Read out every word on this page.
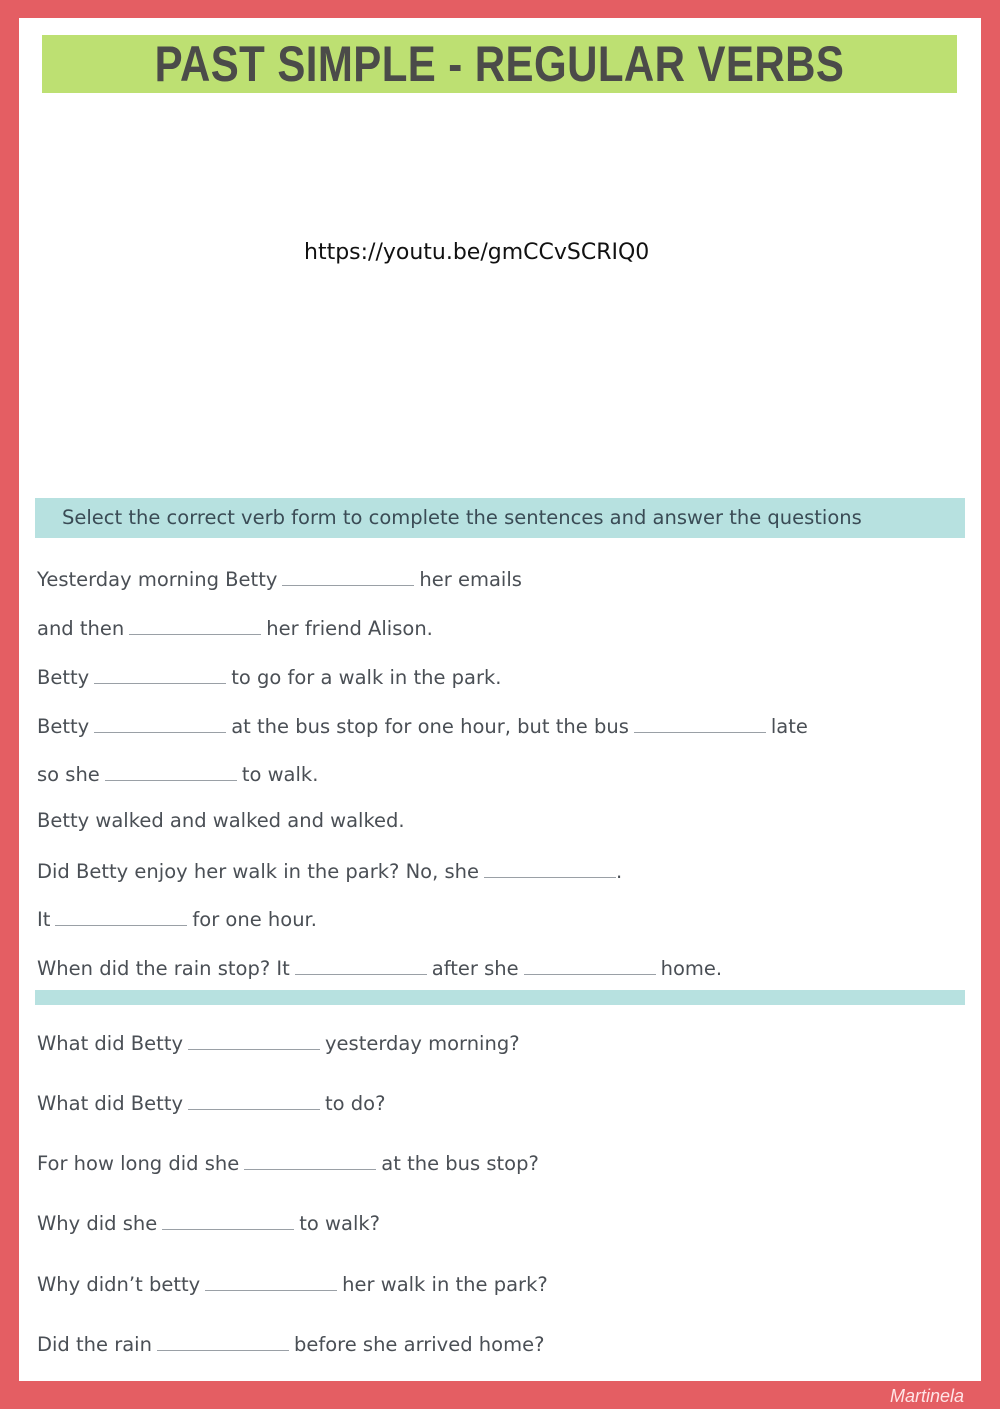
PAST SIMPLE - REGULAR VERBS
https://youtu.be/gmCCvSCRIQ0
Select the correct verb form to complete the sentences and answer the questions
Yesterday morning Betty	her emails
and then	her friend Alison.
Betty	to go for a walk in the park.
Betty	at the bus stop for one hour, but the bus	late
so she	to walk.
Betty walked and walked and walked.
Did Betty enjoy her walk in the park? No, she	.
It	for one hour.
When did the rain stop? It	after she	home.
What did Betty	yesterday morning?
What did Betty	to do?
For how long did she	at the bus stop?
Why did she	to walk?
Why didn’t betty	her walk in the park?
Did the rain	before she arrived home?
Martinela
